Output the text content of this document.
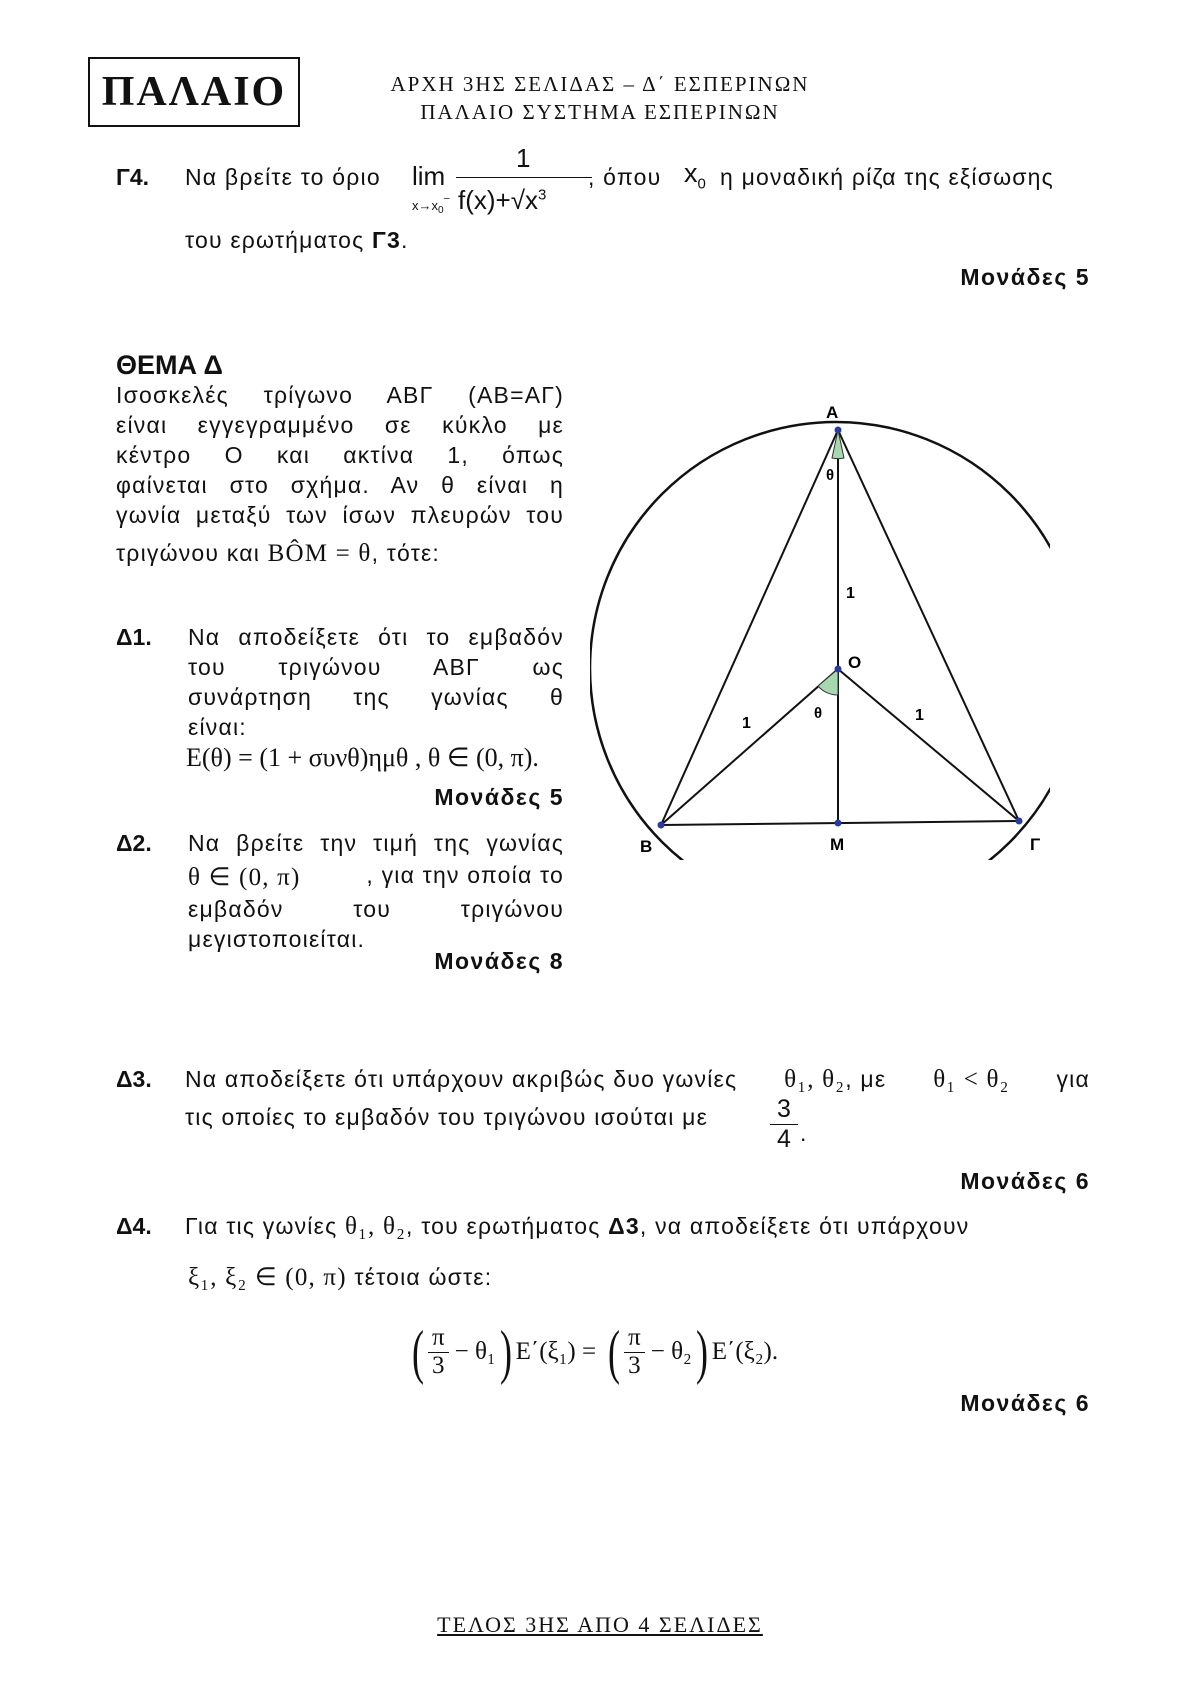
ΠΑΛΑΙΟ	ΑΡΧΗ 3ΗΣ ΣΕΛΙΔΑΣ – Δ΄ ΕΣΠΕΡΙΝΩΝ
ΠΑΛΑΙΟ ΣΥΣΤΗΜΑ ΕΣΠΕΡΙΝΩΝ
Γ4. Να βρείτε το όριο lim
$x\to x_0^-$
1
$f(x)+√x^3$
, όπου $x_0$ η μοναδική ρίζα της εξίσωσης
του ερωτήματος Γ3.
Μονάδες 5
ΘΕΜΑ Δ
Ισοσκελές τρίγωνο ΑΒΓ (ΑΒ=ΑΓ)
είναι εγγεγραμμένο σε κύκλο με
κέντρο Ο και ακτίνα 1, όπως
φαίνεται στο σχήμα. Αν θ είναι η
γωνία μεταξύ των ίσων πλευρών του
τριγώνου και BÔM = θ, τότε:
Δ1. Να αποδείξετε ότι το εμβαδόν
του τριγώνου ΑΒΓ ως
συνάρτηση της γωνίας θ
είναι:
E(θ) = (1 + συνθ)ημθ , θ ∈ (0, π).
Μονάδες 5
Δ2. Να βρείτε την τιμή της γωνίας
θ ∈ (0, π)	, για την οποία το
εμβαδόν του τριγώνου
μεγιστοποιείται.
Μονάδες 8
Α
Β	Γ
Ο
Μ
θ
θ
1
1	1
Δ3. Να αποδείξετε ότι υπάρχουν ακριβώς δυο γωνίες θ₁, θ₂, με θ₁ < θ₂ για
τις οποίες το εμβαδόν του τριγώνου ισούται με $\frac{3}{4}$ .
Μονάδες 6
Δ4. Για τις γωνίες θ₁, θ₂, του ερωτήματος Δ3, να αποδείξετε ότι υπάρχουν
ξ₁, ξ₂ ∈ (0, π) τέτοια ώστε:
( $\frac{\pi}{3} - \theta_1$ ) E΄(ξ₁) = ( $\frac{\pi}{3} - \theta_2$ ) E΄(ξ₂).
Μονάδες 6
ΤΕΛΟΣ 3ΗΣ ΑΠΟ 4 ΣΕΛΙΔΕΣ
